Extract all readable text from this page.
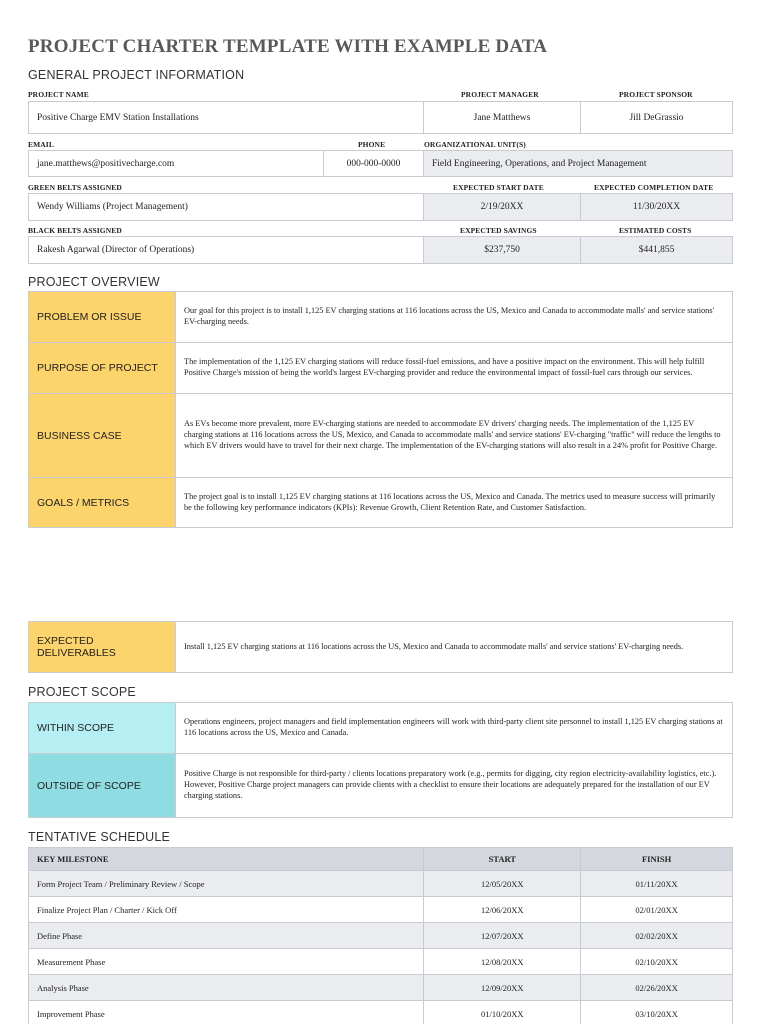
PROJECT CHARTER TEMPLATE WITH EXAMPLE DATA
GENERAL PROJECT INFORMATION
PROJECT NAME	PROJECT MANAGER	PROJECT SPONSOR
Positive Charge EMV Station Installations	Jane Matthews	Jill DeGrassio
EMAIL	PHONE	ORGANIZATIONAL UNIT(S)
jane.matthews@positivecharge.com	000-000-0000	Field Engineering, Operations, and Project Management
GREEN BELTS ASSIGNED	EXPECTED START DATE	EXPECTED COMPLETION DATE
Wendy Williams (Project Management)	2/19/20XX	11/30/20XX
BLACK BELTS ASSIGNED	EXPECTED SAVINGS	ESTIMATED COSTS
Rakesh Agarwal (Director of Operations)	$237,750	$441,855
PROJECT OVERVIEW
PROBLEM OR ISSUE
Our goal for this project is to install 1,125 EV charging stations at 116 locations across the US, Mexico and Canada to accommodate malls' and service stations' EV-charging needs.
PURPOSE OF PROJECT
The implementation of the 1,125 EV charging stations will reduce fossil-fuel emissions, and have a positive impact on the environment. This will help fulfill Positive Charge's mission of being the world's largest EV-charging provider and reduce the environmental impact of fossil-fuel cars through our services.
BUSINESS CASE
As EVs become more prevalent, more EV-charging stations are needed to accommodate EV drivers' charging needs. The implementation of the 1,125 EV charging stations at 116 locations across the US, Mexico, and Canada to accommodate malls' and service stations' EV-charging "traffic" will reduce the lengths to which EV drivers would have to travel for their next charge. The implementation of the EV-charging stations will also result in a 24% profit for Positive Charge.
GOALS / METRICS
The project goal is to install 1,125 EV charging stations at 116 locations across the US, Mexico and Canada. The metrics used to measure success will primarily be the following key performance indicators (KPIs): Revenue Growth, Client Retention Rate, and Customer Satisfaction.
EXPECTED DELIVERABLES
Install 1,125 EV charging stations at 116 locations across the US, Mexico and Canada to accommodate malls' and service stations' EV-charging needs.
PROJECT SCOPE
WITHIN SCOPE
Operations engineers, project managers and field implementation engineers will work with third-party client site personnel to install 1,125 EV charging stations at 116 locations across the US, Mexico and Canada.
OUTSIDE OF SCOPE
Positive Charge is not responsible for third-party / clients locations preparatory work (e.g., permits for digging, city region electricity-availability logistics, etc.). However, Positive Charge project managers can provide clients with a checklist to ensure their locations are adequately prepared for the installation of our EV charging stations.
TENTATIVE SCHEDULE
KEY MILESTONE	START	FINISH
Form Project Team / Preliminary Review / Scope	12/05/20XX	01/11/20XX
Finalize Project Plan / Charter / Kick Off	12/06/20XX	02/01/20XX
Define Phase	12/07/20XX	02/02/20XX
Measurement Phase	12/08/20XX	02/10/20XX
Analysis Phase	12/09/20XX	02/26/20XX
Improvement Phase	01/10/20XX	03/10/20XX
